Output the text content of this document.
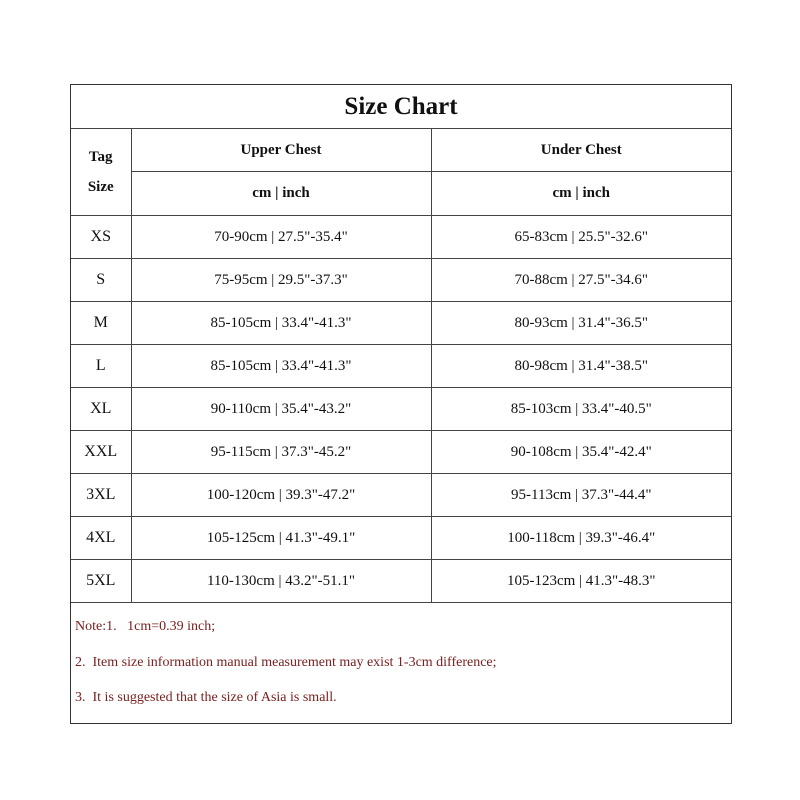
Size Chart		
Tag
Size	Upper Chest	Under Chest
	cm | inch	cm | inch
XS	70-90cm | 27.5"-35.4"	65-83cm | 25.5"-32.6"
S	75-95cm | 29.5"-37.3"	70-88cm | 27.5"-34.6"
M	85-105cm | 33.4"-41.3"	80-93cm | 31.4"-36.5"
L	85-105cm | 33.4"-41.3"	80-98cm | 31.4"-38.5"
XL	90-110cm | 35.4"-43.2"	85-103cm | 33.4"-40.5"
XXL	95-115cm | 37.3"-45.2"	90-108cm | 35.4"-42.4"
3XL	100-120cm | 39.3"-47.2"	95-113cm | 37.3"-44.4"
4XL	105-125cm | 41.3"-49.1"	100-118cm | 39.3"-46.4"
5XL	110-130cm | 43.2"-51.1"	105-123cm | 41.3"-48.3"
Note:1.   1cm=0.39 inch;
2.  Item size information manual measurement may exist 1-3cm difference;
3.  It is suggested that the size of Asia is small.
